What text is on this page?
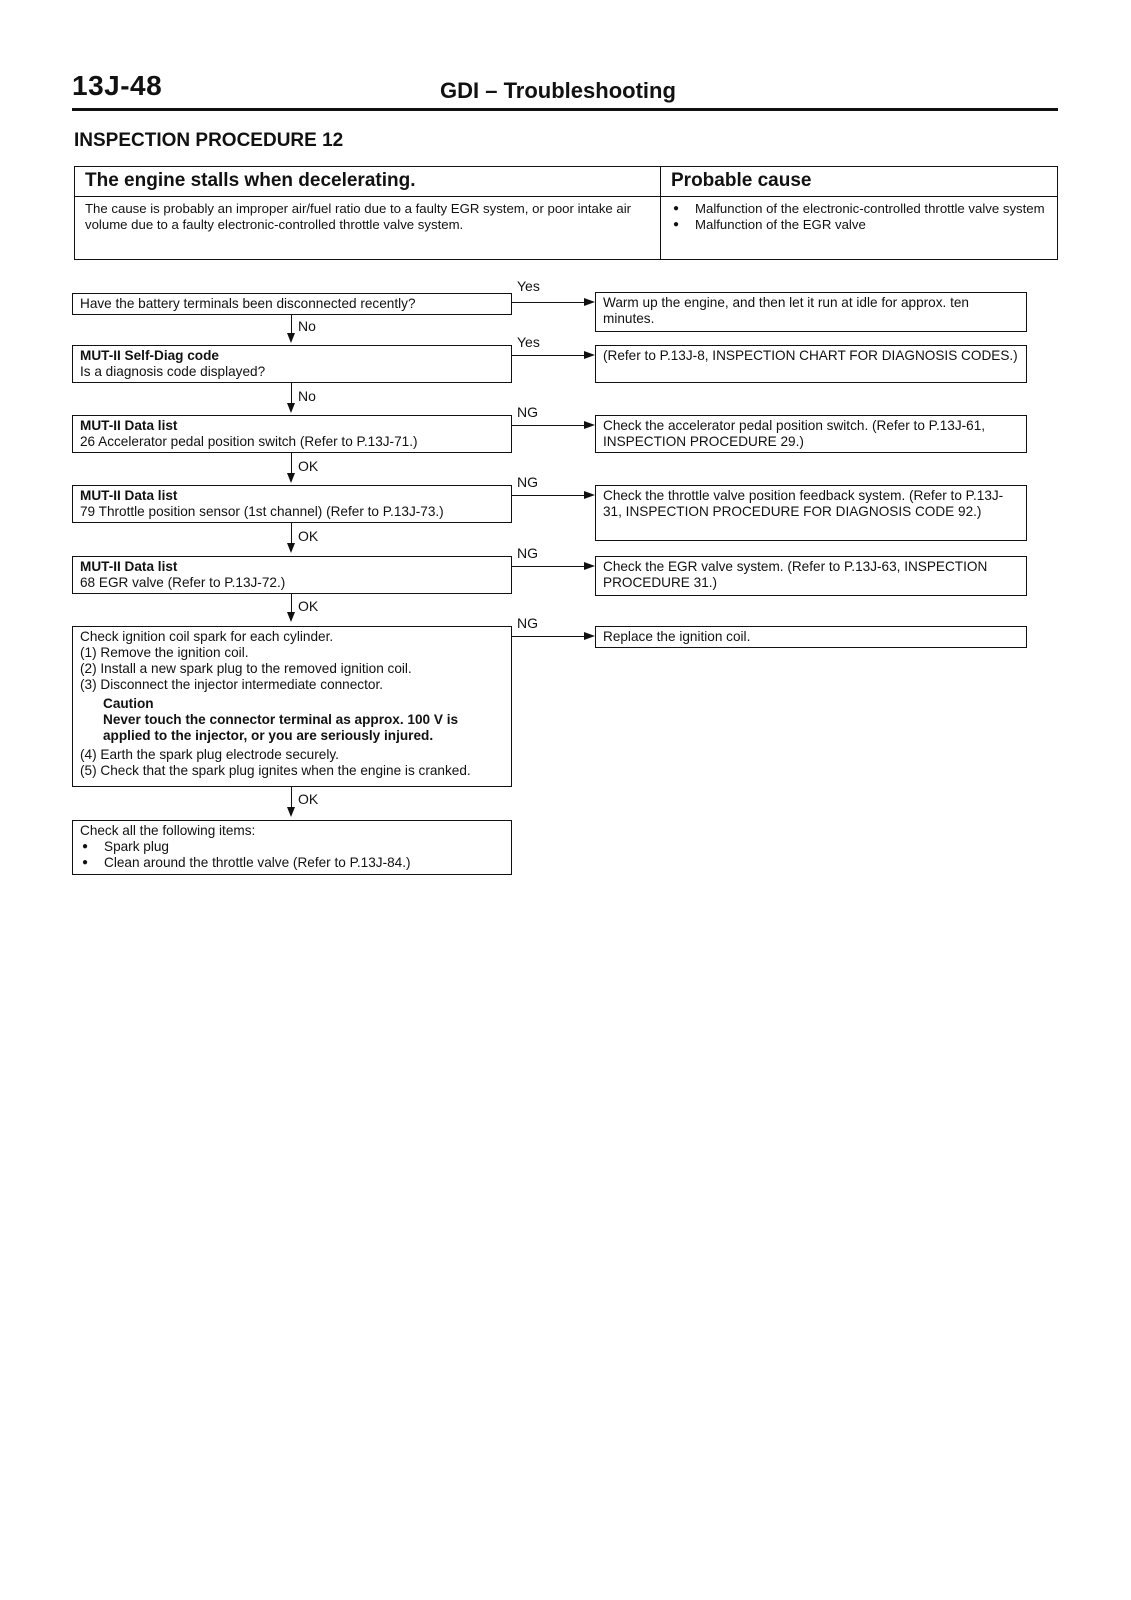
13J-48	GDI – Troubleshooting
INSPECTION PROCEDURE 12
The engine stalls when decelerating.
The cause is probably an improper air/fuel ratio due to a faulty EGR system, or poor intake air volume due to a faulty electronic-controlled throttle valve system.
Probable cause
● Malfunction of the electronic-controlled throttle valve system
● Malfunction of the EGR valve
Have the battery terminals been disconnected recently?
Yes
Warm up the engine, and then let it run at idle for approx. ten minutes.
No
MUT-II Self-Diag code
Is a diagnosis code displayed?
Yes
(Refer to P.13J-8, INSPECTION CHART FOR DIAGNOSIS CODES.)
No
MUT-II Data list
26 Accelerator pedal position switch (Refer to P.13J-71.)
NG
Check the accelerator pedal position switch. (Refer to P.13J-61, INSPECTION PROCEDURE 29.)
OK
MUT-II Data list
79 Throttle position sensor (1st channel) (Refer to P.13J-73.)
NG
Check the throttle valve position feedback system. (Refer to P.13J-31, INSPECTION PROCEDURE FOR DIAGNOSIS CODE 92.)
OK
MUT-II Data list
68 EGR valve (Refer to P.13J-72.)
NG
Check the EGR valve system. (Refer to P.13J-63, INSPECTION PROCEDURE 31.)
OK
Check ignition coil spark for each cylinder.
(1) Remove the ignition coil.
(2) Install a new spark plug to the removed ignition coil.
(3) Disconnect the injector intermediate connector.
Caution
Never touch the connector terminal as approx. 100 V is applied to the injector, or you are seriously injured.
(4) Earth the spark plug electrode securely.
(5) Check that the spark plug ignites when the engine is cranked.
NG
Replace the ignition coil.
OK
Check all the following items:
● Spark plug
● Clean around the throttle valve (Refer to P.13J-84.)
